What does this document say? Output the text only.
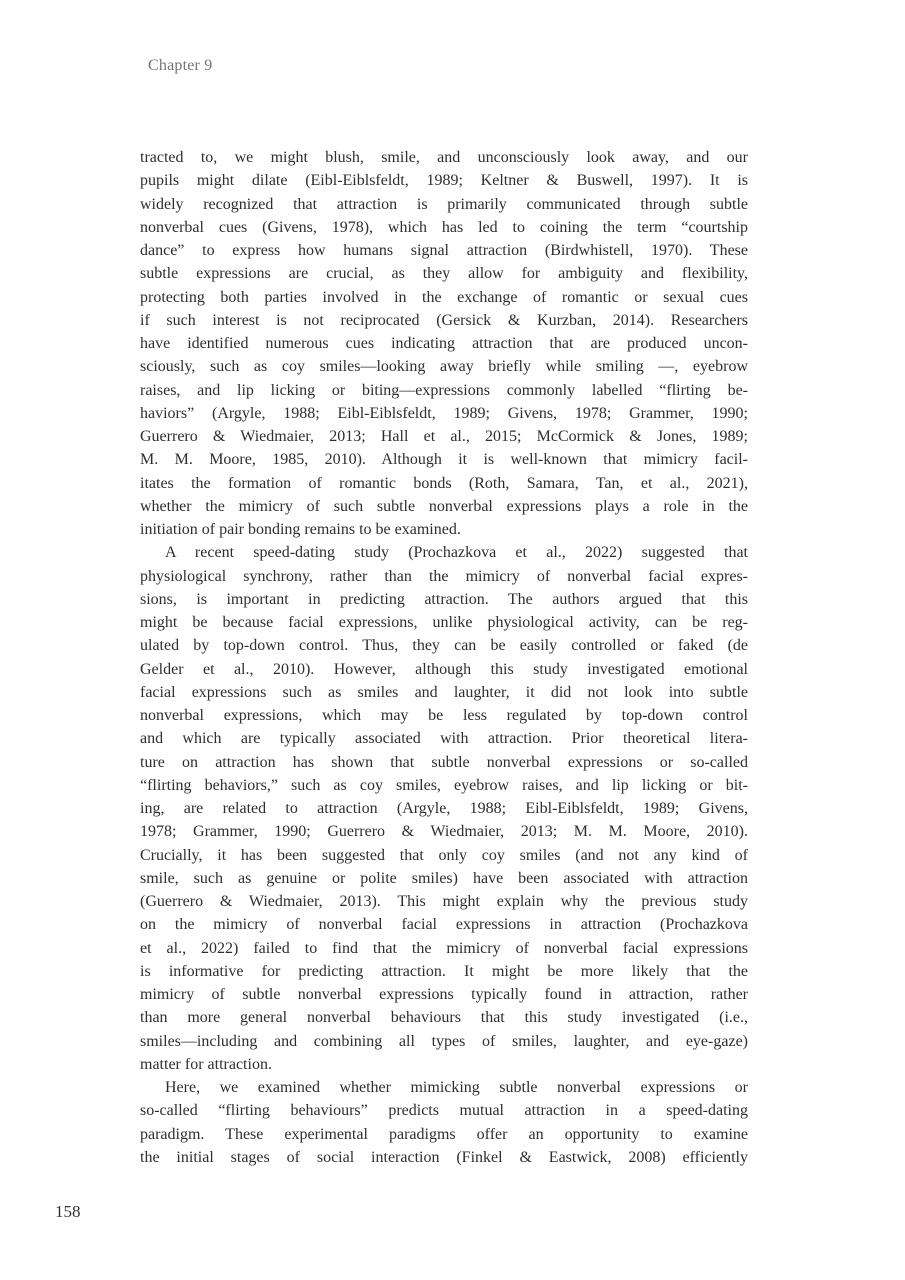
Chapter 9
tracted to, we might blush, smile, and unconsciously look away, and our
pupils might dilate (Eibl-Eiblsfeldt, 1989; Keltner & Buswell, 1997). It is
widely recognized that attraction is primarily communicated through subtle
nonverbal cues (Givens, 1978), which has led to coining the term “courtship
dance” to express how humans signal attraction (Birdwhistell, 1970). These
subtle expressions are crucial, as they allow for ambiguity and flexibility,
protecting both parties involved in the exchange of romantic or sexual cues
if such interest is not reciprocated (Gersick & Kurzban, 2014). Researchers
have identified numerous cues indicating attraction that are produced uncon-
sciously, such as coy smiles—looking away briefly while smiling —, eyebrow
raises, and lip licking or biting—expressions commonly labelled “flirting be-
haviors” (Argyle, 1988; Eibl-Eiblsfeldt, 1989; Givens, 1978; Grammer, 1990;
Guerrero & Wiedmaier, 2013; Hall et al., 2015; McCormick & Jones, 1989;
M. M. Moore, 1985, 2010). Although it is well-known that mimicry facil-
itates the formation of romantic bonds (Roth, Samara, Tan, et al., 2021),
whether the mimicry of such subtle nonverbal expressions plays a role in the
initiation of pair bonding remains to be examined.
A recent speed-dating study (Prochazkova et al., 2022) suggested that
physiological synchrony, rather than the mimicry of nonverbal facial expres-
sions, is important in predicting attraction. The authors argued that this
might be because facial expressions, unlike physiological activity, can be reg-
ulated by top-down control. Thus, they can be easily controlled or faked (de
Gelder et al., 2010). However, although this study investigated emotional
facial expressions such as smiles and laughter, it did not look into subtle
nonverbal expressions, which may be less regulated by top-down control
and which are typically associated with attraction. Prior theoretical litera-
ture on attraction has shown that subtle nonverbal expressions or so-called
“flirting behaviors,” such as coy smiles, eyebrow raises, and lip licking or bit-
ing, are related to attraction (Argyle, 1988; Eibl-Eiblsfeldt, 1989; Givens,
1978; Grammer, 1990; Guerrero & Wiedmaier, 2013; M. M. Moore, 2010).
Crucially, it has been suggested that only coy smiles (and not any kind of
smile, such as genuine or polite smiles) have been associated with attraction
(Guerrero & Wiedmaier, 2013). This might explain why the previous study
on the mimicry of nonverbal facial expressions in attraction (Prochazkova
et al., 2022) failed to find that the mimicry of nonverbal facial expressions
is informative for predicting attraction. It might be more likely that the
mimicry of subtle nonverbal expressions typically found in attraction, rather
than more general nonverbal behaviours that this study investigated (i.e.,
smiles—including and combining all types of smiles, laughter, and eye-gaze)
matter for attraction.
Here, we examined whether mimicking subtle nonverbal expressions or
so-called “flirting behaviours” predicts mutual attraction in a speed-dating
paradigm. These experimental paradigms offer an opportunity to examine
the initial stages of social interaction (Finkel & Eastwick, 2008) efficiently
158
